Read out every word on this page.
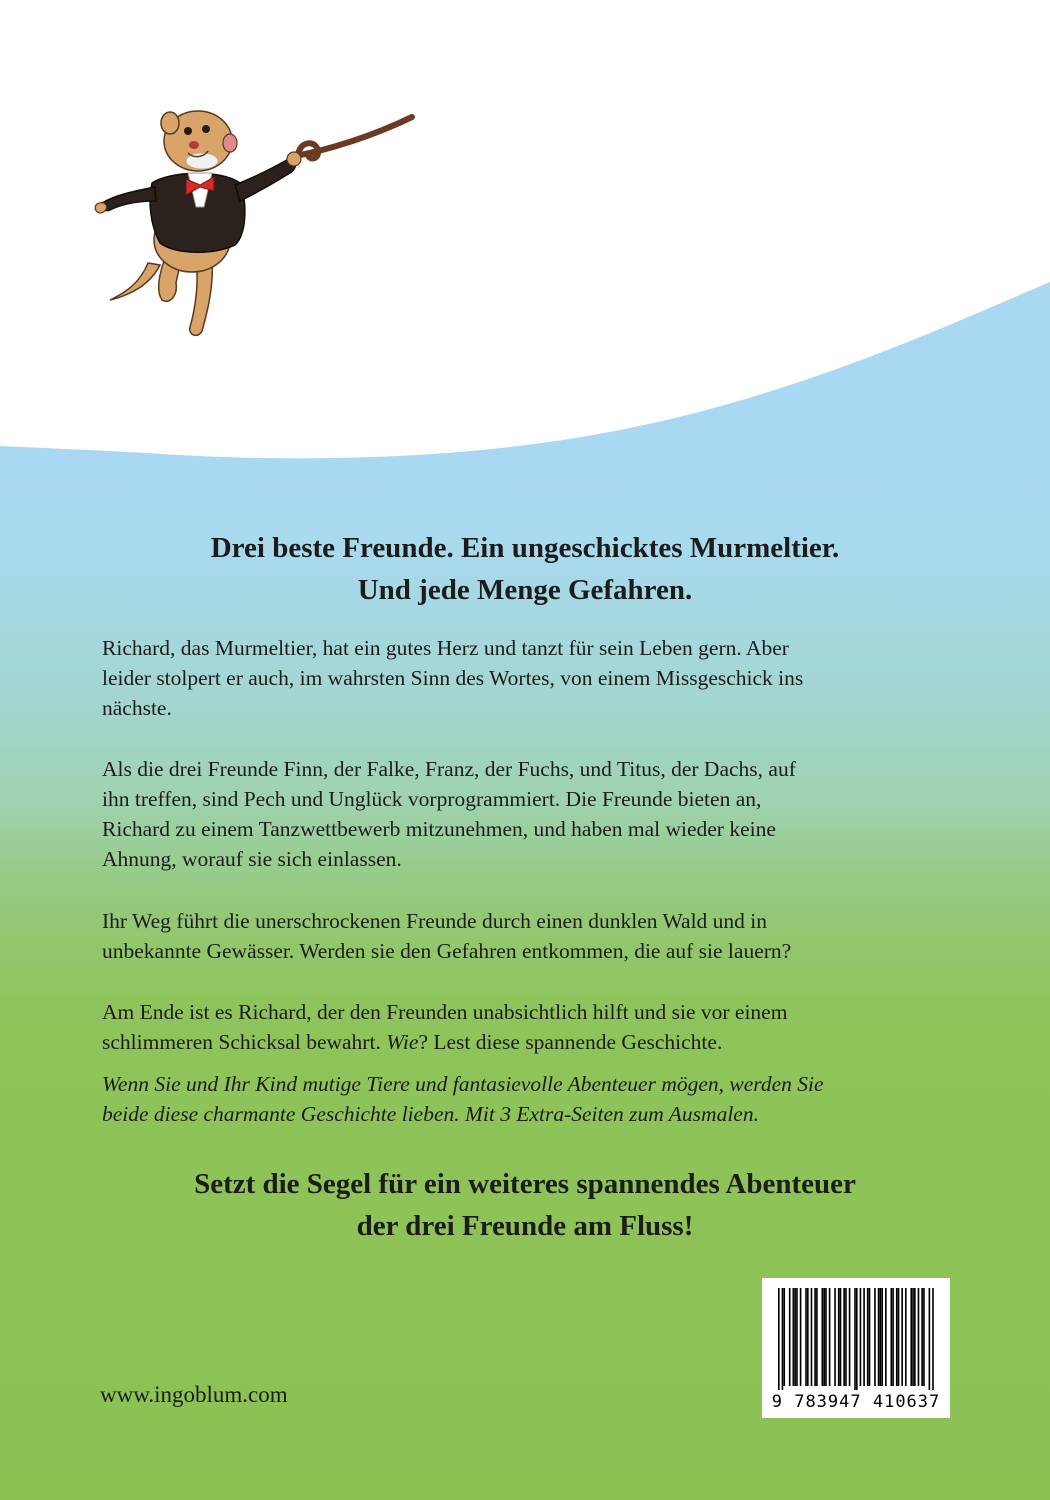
Drei beste Freunde. Ein ungeschicktes Murmeltier.
Und jede Menge Gefahren.

Richard, das Murmeltier, hat ein gutes Herz und tanzt für sein Leben gern. Aber
leider stolpert er auch, im wahrsten Sinn des Wortes, von einem Missgeschick ins
nächste.

Als die drei Freunde Finn, der Falke, Franz, der Fuchs, und Titus, der Dachs, auf
ihn treffen, sind Pech und Unglück vorprogrammiert. Die Freunde bieten an,
Richard zu einem Tanzwettbewerb mitzunehmen, und haben mal wieder keine
Ahnung, worauf sie sich einlassen.

Ihr Weg führt die unerschrockenen Freunde durch einen dunklen Wald und in
unbekannte Gewässer. Werden sie den Gefahren entkommen, die auf sie lauern?

Am Ende ist es Richard, der den Freunden unabsichtlich hilft und sie vor einem
schlimmeren Schicksal bewahrt. Wie? Lest diese spannende Geschichte.

Wenn Sie und Ihr Kind mutige Tiere und fantasievolle Abenteuer mögen, werden Sie
beide diese charmante Geschichte lieben. Mit 3 Extra-Seiten zum Ausmalen.

Setzt die Segel für ein weiteres spannendes Abenteuer
der drei Freunde am Fluss!

www.ingoblum.com	9 783947 410637
